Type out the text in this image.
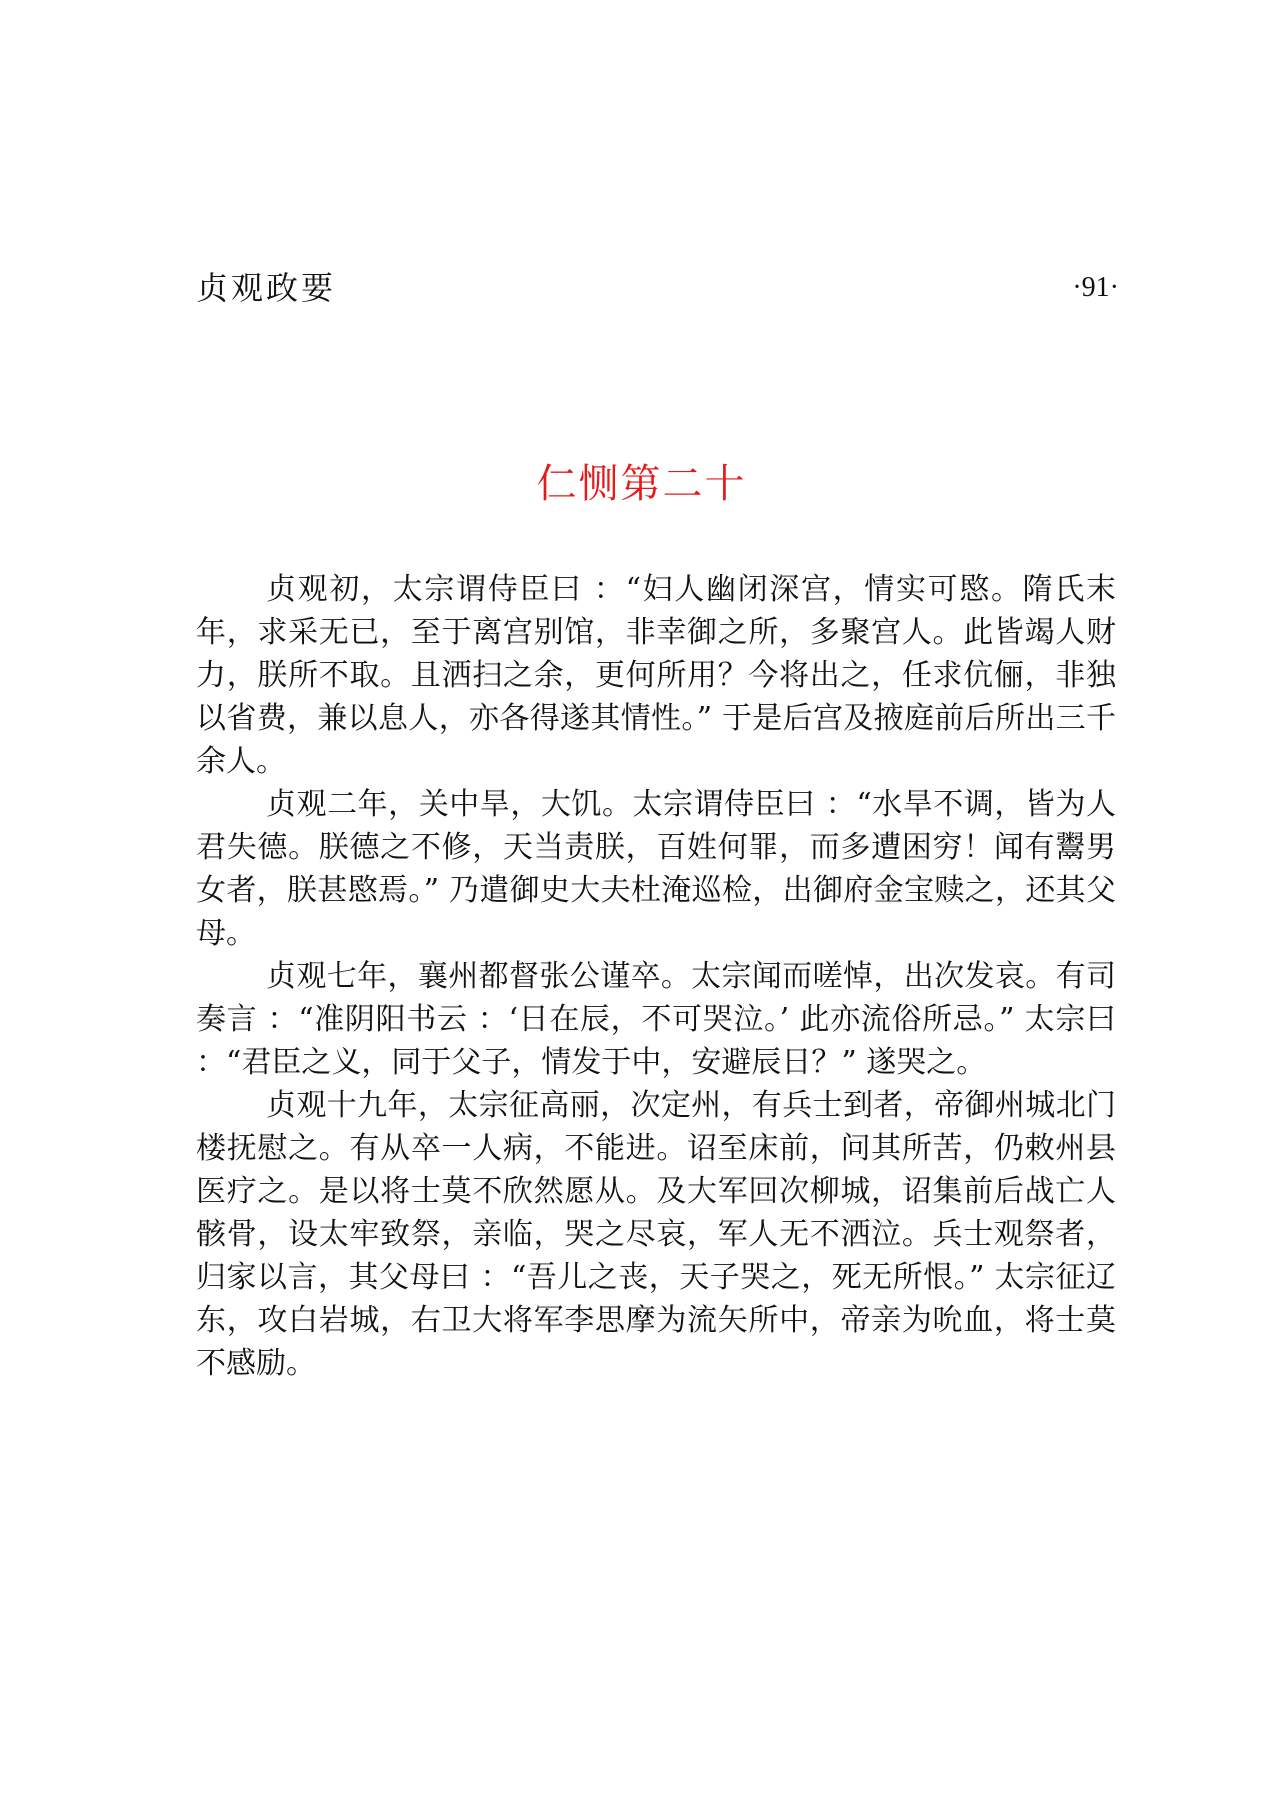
贞观政要	·91·
仁恻第二十

贞观初，太宗谓侍臣曰 ：“妇人幽闭深宫，情实可愍。隋氏末年，求采无已，至于离宫别馆，非幸御之所，多聚宫人。此皆竭人财力，朕所不取。且洒扫之余，更何所用？今将出之，任求伉俪，非独以省费，兼以息人，亦各得遂其情性。” 于是后宫及掖庭前后所出三千余人。

贞观二年，关中旱，大饥。太宗谓侍臣曰 ：“水旱不调，皆为人君失德。朕德之不修，天当责朕，百姓何罪，而多遭困穷！闻有鬻男女者，朕甚愍焉。” 乃遣御史大夫杜淹巡检，出御府金宝赎之，还其父母。

贞观七年，襄州都督张公谨卒。太宗闻而嗟悼，出次发哀。有司奏言 ：“准阴阳书云 ：‘日在辰，不可哭泣。’ 此亦流俗所忌。” 太宗曰 ：“君臣之义，同于父子，情发于中，安避辰日？” 遂哭之。

贞观十九年，太宗征高丽，次定州，有兵士到者，帝御州城北门楼抚慰之。有从卒一人病，不能进。诏至床前，问其所苦，仍敕州县医疗之。是以将士莫不欣然愿从。及大军回次柳城，诏集前后战亡人骸骨，设太牢致祭，亲临，哭之尽哀，军人无不洒泣。兵士观祭者，归家以言，其父母曰 ：“吾儿之丧，天子哭之，死无所恨。” 太宗征辽东，攻白岩城，右卫大将军李思摩为流矢所中，帝亲为吮血，将士莫不感励。
